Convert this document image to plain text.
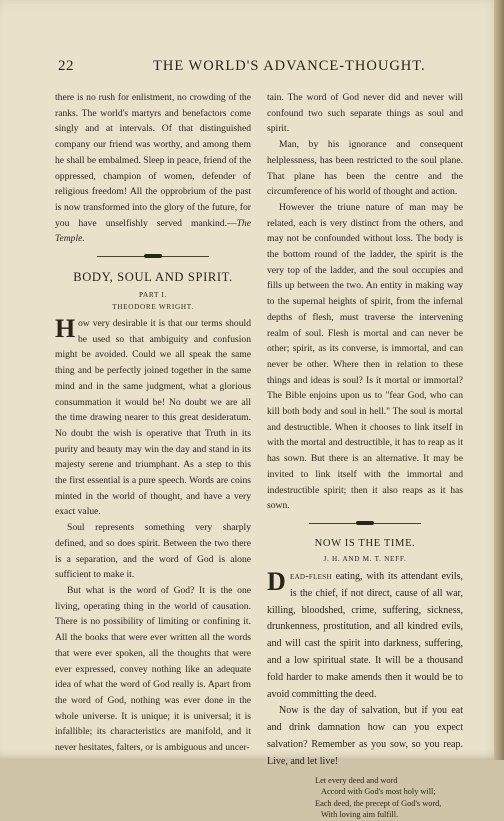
22	THE WORLD'S ADVANCE-THOUGHT.

there is no rush for enlistment, no crowding of the ranks. The world's martyrs and benefactors come singly and at intervals. Of that distinguished company our friend was worthy, and among them he shall be embalmed. Sleep in peace, friend of the oppressed, champion of women, defender of religious freedom! All the opprobrium of the past is now transformed into the glory of the future, for you have unselfishly served mankind.—The Temple.

BODY, SOUL AND SPIRIT.
PART I.
THEODORE WRIGHT.

How very desirable it is that our terms should be used so that ambiguity and confusion might be avoided. Could we all speak the same thing and be perfectly joined together in the same mind and in the same judgment, what a glorious consummation it would be! No doubt we are all the time drawing nearer to this great desideratum. No doubt the wish is operative that Truth in its purity and beauty may win the day and stand in its majesty serene and triumphant. As a step to this the first essential is a pure speech. Words are coins minted in the world of thought, and have a very exact value.

Soul represents something very sharply defined, and so does spirit. Between the two there is a separation, and the word of God is alone sufficient to make it.

But what is the word of God? It is the one living, operating thing in the world of causation. There is no possibility of limiting or confining it. All the books that were ever written all the words that were ever spoken, all the thoughts that were ever expressed, convey nothing like an adequate idea of what the word of God really is. Apart from the word of God, nothing was ever done in the whole universe. It is unique; it is universal; it is infallible; its characteristics are manifold, and it never hesitates, falters, or is ambiguous and uncer-

tain. The word of God never did and never will confound two such separate things as soul and spirit.

Man, by his ignorance and consequent helplessness, has been restricted to the soul plane. That plane has been the centre and the circumference of his world of thought and action.

However the triune nature of man may be related, each is very distinct from the others, and may not be confounded without loss. The body is the bottom round of the ladder, the spirit is the very top of the ladder, and the soul occupies and fills up between the two. An entity in making way to the supernal heights of spirit, from the infernal depths of flesh, must traverse the intervening realm of soul. Flesh is mortal and can never be other; spirit, as its converse, is immortal, and can never be other. Where then in relation to these things and ideas is soul? Is it mortal or immortal? The Bible enjoins upon us to "fear God, who can kill both body and soul in hell." The soul is mortal and destructible. When it chooses to link itself in with the mortal and destructible, it has to reap as it has sown. But there is an alternative. It may be invited to link itself with the immortal and indestructible spirit; then it also reaps as it has sown.

NOW IS THE TIME.
J. H. AND M. T. NEFF.

Dead-flesh eating, with its attendant evils, is the chief, if not direct, cause of all war, killing, bloodshed, crime, suffering, sickness, drunkenness, prostitution, and all kindred evils, and will cast the spirit into darkness, suffering, and a low spiritual state. It will be a thousand fold harder to make amends then it would be to avoid committing the deed.

Now is the day of salvation, but if you eat and drink damnation how can you expect salvation? Remember as you sow, so you reap. Live, and let live!

Let every deed and word
Accord with God's most holy will;
Each deed, the precept of God's word,
With loving aim fulfill.
